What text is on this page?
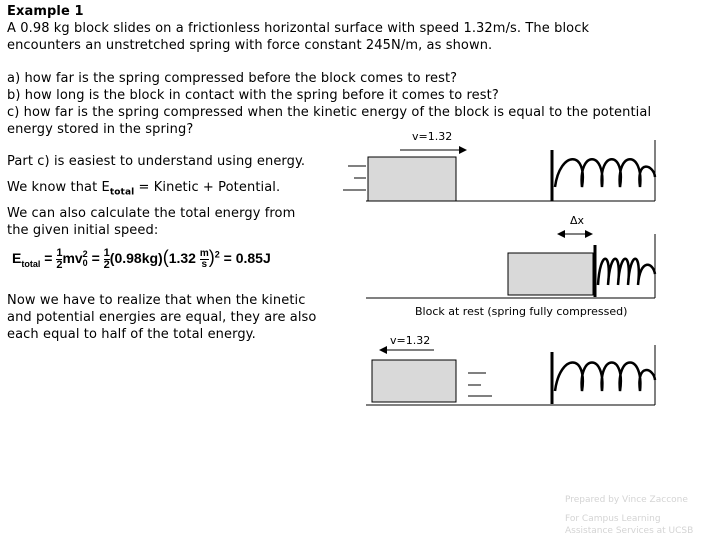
Example 1
A 0.98 kg block slides on a frictionless horizontal surface with speed 1.32m/s. The block
encounters an unstretched spring with force constant 245N/m, as shown.
a) how far is the spring compressed before the block comes to rest?
b) how long is the block in contact with the spring before it comes to rest?
c) how far is the spring compressed when the kinetic energy of the block is equal to the potential
energy stored in the spring?
Part c) is easiest to understand using energy.
We know that $E_{total}$ = Kinetic + Potential.
We can also calculate the total energy from
the given initial speed:
$E_{total} = \frac{1}{2}$ mv 2
$0 = \frac{1}{2} (0.98kg)(1.32 \frac{m}{s} )^2 = 0.85J$
Now we have to realize that when the kinetic
and potential energies are equal, they are also
each equal to half of the total energy.
v=1.32
Δx
Block at rest (spring fully compressed)
v=1.32
Prepared by Vince Zaccone
For Campus Learning
Assistance Services at UCSB
